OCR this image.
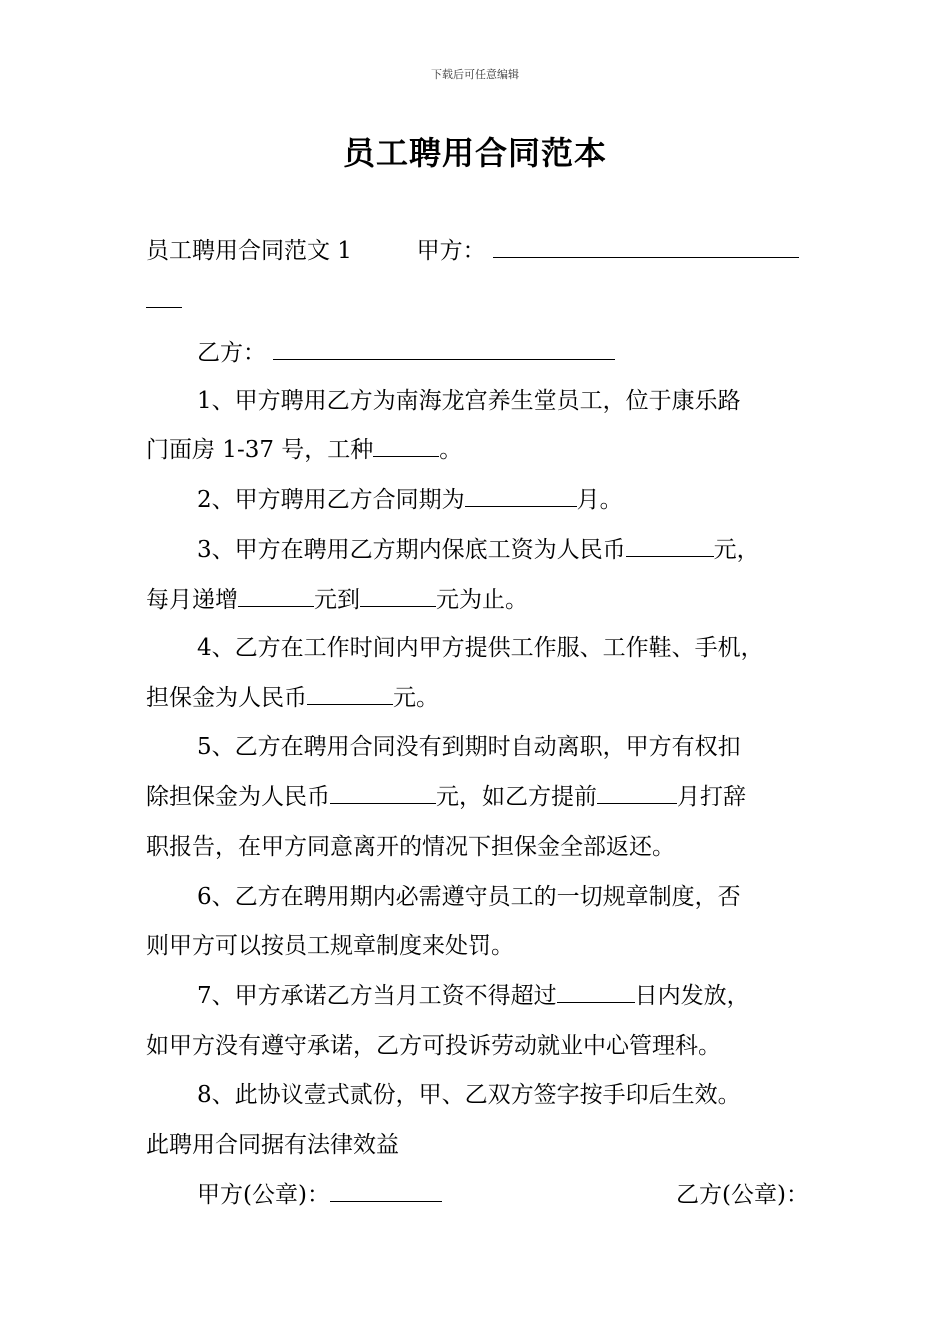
下载后可任意编辑
员工聘用合同范本
员工聘用合同范文 1	甲方：
乙方：
1、甲方聘用乙方为南海龙宫养生堂员工，位于康乐路
门面房 1-37 号，工种	。
2、甲方聘用乙方合同期为	月。
3、甲方在聘用乙方期内保底工资为人民币	元，
每月递增	元到	元为止。
4、乙方在工作时间内甲方提供工作服、工作鞋、手机，
担保金为人民币	元。
5、乙方在聘用合同没有到期时自动离职，甲方有权扣
除担保金为人民币	元，如乙方提前	月打辞
职报告，在甲方同意离开的情况下担保金全部返还。
6、乙方在聘用期内必需遵守员工的一切规章制度，否
则甲方可以按员工规章制度来处罚。
7、甲方承诺乙方当月工资不得超过	日内发放，
如甲方没有遵守承诺，乙方可投诉劳动就业中心管理科。
8、此协议壹式贰份，甲、乙双方签字按手印后生效。
此聘用合同据有法律效益
甲方(公章)：	乙方(公章)：
